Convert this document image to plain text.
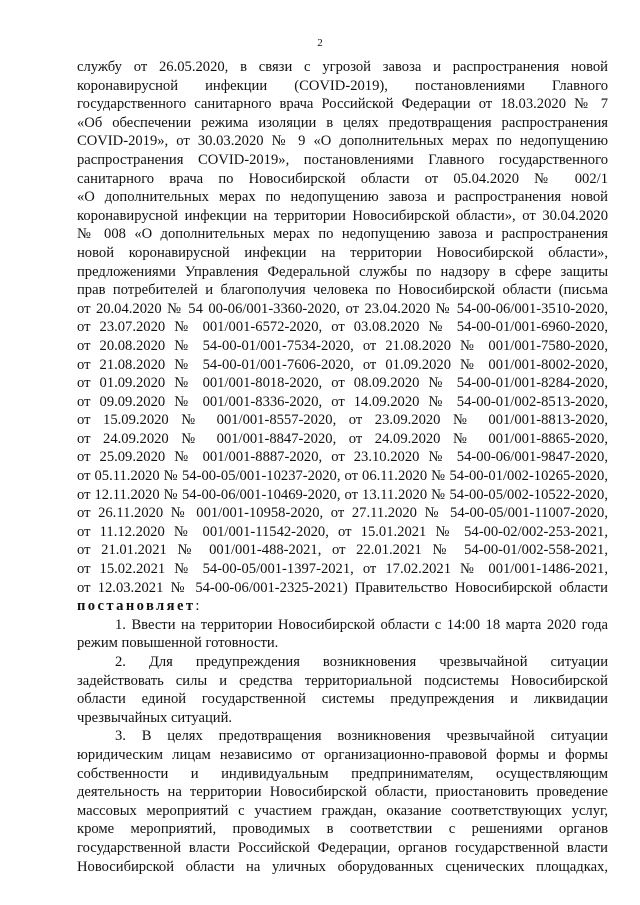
2
службу от 26.05.2020, в связи с угрозой завоза и распространения новой
коронавирусной инфекции (COVID-2019), постановлениями Главного
государственного санитарного врача Российской Федерации от 18.03.2020 № 7
«Об обеспечении режима изоляции в целях предотвращения распространения
COVID-2019», от 30.03.2020 № 9 «О дополнительных мерах по недопущению
распространения COVID-2019», постановлениями Главного государственного
санитарного врача по Новосибирской области от 05.04.2020 № 002/1
«О дополнительных мерах по недопущению завоза и распространения новой
коронавирусной инфекции на территории Новосибирской области», от 30.04.2020
№ 008 «О дополнительных мерах по недопущению завоза и распространения
новой коронавирусной инфекции на территории Новосибирской области»,
предложениями Управления Федеральной службы по надзору в сфере защиты
прав потребителей и благополучия человека по Новосибирской области (письма
от 20.04.2020 № 54 00-06/001-3360-2020, от 23.04.2020 № 54-00-06/001-3510-2020,
от 23.07.2020 № 001/001-6572-2020, от 03.08.2020 № 54-00-01/001-6960-2020,
от 20.08.2020 № 54-00-01/001-7534-2020, от 21.08.2020 № 001/001-7580-2020,
от 21.08.2020 № 54-00-01/001-7606-2020, от 01.09.2020 № 001/001-8002-2020,
от 01.09.2020 № 001/001-8018-2020, от 08.09.2020 № 54-00-01/001-8284-2020,
от 09.09.2020 № 001/001-8336-2020, от 14.09.2020 № 54-00-01/002-8513-2020,
от 15.09.2020 № 001/001-8557-2020, от 23.09.2020 № 001/001-8813-2020,
от 24.09.2020 № 001/001-8847-2020, от 24.09.2020 № 001/001-8865-2020,
от 25.09.2020 № 001/001-8887-2020, от 23.10.2020 № 54-00-06/001-9847-2020,
от 05.11.2020 № 54-00-05/001-10237-2020, от 06.11.2020 № 54-00-01/002-10265-2020,
от 12.11.2020 № 54-00-06/001-10469-2020, от 13.11.2020 № 54-00-05/002-10522-2020,
от 26.11.2020 № 001/001-10958-2020, от 27.11.2020 № 54-00-05/001-11007-2020,
от 11.12.2020 № 001/001-11542-2020, от 15.01.2021 № 54-00-02/002-253-2021,
от 21.01.2021 № 001/001-488-2021, от 22.01.2021 № 54-00-01/002-558-2021,
от 15.02.2021 № 54-00-05/001-1397-2021, от 17.02.2021 № 001/001-1486-2021,
от 12.03.2021 № 54-00-06/001-2325-2021) Правительство Новосибирской области
постановляет:
1. Ввести на территории Новосибирской области с 14:00 18 марта 2020 года
режим повышенной готовности.
2. Для предупреждения возникновения чрезвычайной ситуации
задействовать силы и средства территориальной подсистемы Новосибирской
области единой государственной системы предупреждения и ликвидации
чрезвычайных ситуаций.
3. В целях предотвращения возникновения чрезвычайной ситуации
юридическим лицам независимо от организационно-правовой формы и формы
собственности и индивидуальным предпринимателям, осуществляющим
деятельность на территории Новосибирской области, приостановить проведение
массовых мероприятий с участием граждан, оказание соответствующих услуг,
кроме мероприятий, проводимых в соответствии с решениями органов
государственной власти Российской Федерации, органов государственной власти
Новосибирской области на уличных оборудованных сценических площадках,
